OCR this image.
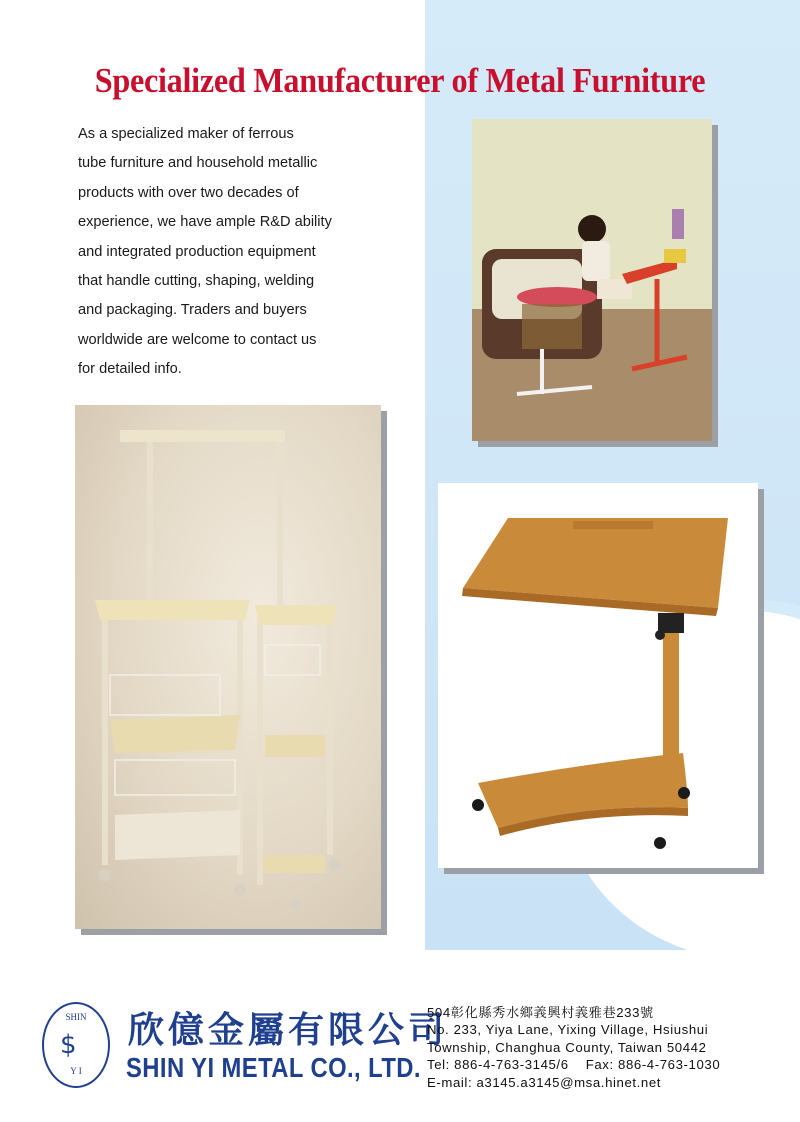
Specialized Manufacturer of Metal Furniture

As a specialized maker of ferrous

tube furniture and household metallic

products with over two decades of

experience, we have ample R&D ability

and integrated production equipment

that handle cutting, shaping, welding

and packaging. Traders and buyers

worldwide are welcome to contact us

for detailed info.

SHIN
$
Y I
欣億金屬有限公司
SHIN YI METAL CO., LTD.
504彰化縣秀水鄉義興村義雅巷233號
No. 233, Yiya Lane, Yixing Village, Hsiushui
Township, Changhua County, Taiwan 50442
Tel: 886-4-763-3145/6 Fax: 886-4-763-1030
E-mail: a3145.a3145@msa.hinet.net
